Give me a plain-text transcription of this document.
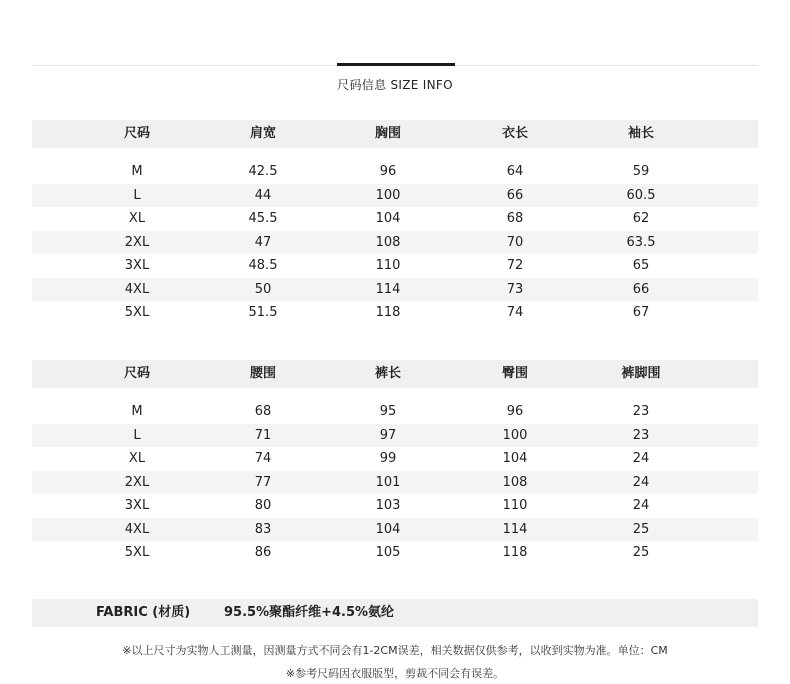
尺码信息 SIZE INFO
尺码	肩宽	胸围	衣长	袖长
M	42.5	96	64	59
L	44	100	66	60.5
XL	45.5	104	68	62
2XL	47	108	70	63.5
3XL	48.5	110	72	65
4XL	50	114	73	66
5XL	51.5	118	74	67
尺码	腰围	裤长	臀围	裤脚围
M	68	95	96	23
L	71	97	100	23
XL	74	99	104	24
2XL	77	101	108	24
3XL	80	103	110	24
4XL	83	104	114	25
5XL	86	105	118	25
FABRIC (材质)	95.5%聚酯纤维+4.5%氨纶
※以上尺寸为实物人工测量，因测量方式不同会有1-2CM误差，相关数据仅供参考，以收到实物为准。单位：CM
※参考尺码因衣服版型，剪裁不同会有误差。
